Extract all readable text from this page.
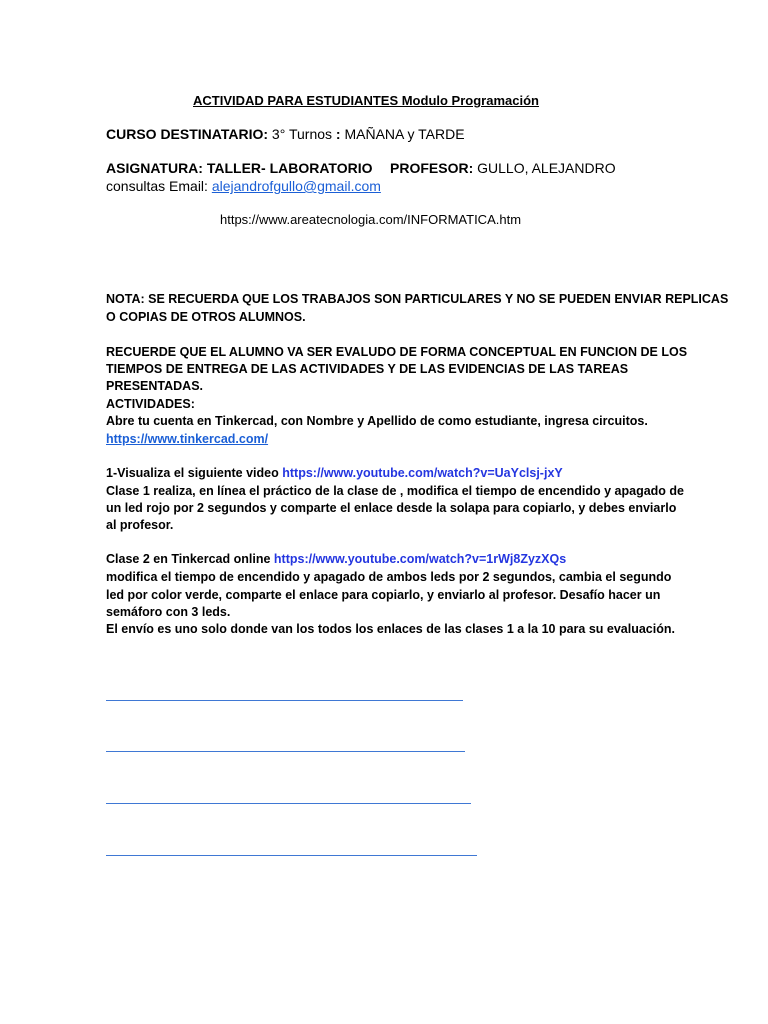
ACTIVIDAD PARA ESTUDIANTES Modulo Programación
CURSO DESTINATARIO: 3° Turnos : MAÑANA y TARDE
ASIGNATURA: TALLER- LABORATORIO PROFESOR: GULLO, ALEJANDRO
consultas Email: alejandrofgullo@gmail.com
https://www.areatecnologia.com/INFORMATICA.htm
NOTA: SE RECUERDA QUE LOS TRABAJOS SON PARTICULARES Y NO SE PUEDEN ENVIAR REPLICAS
O COPIAS DE OTROS ALUMNOS.
RECUERDE QUE EL ALUMNO VA SER EVALUDO DE FORMA CONCEPTUAL EN FUNCION DE LOS
TIEMPOS DE ENTREGA DE LAS ACTIVIDADES Y DE LAS EVIDENCIAS DE LAS TAREAS
PRESENTADAS.
ACTIVIDADES:
Abre tu cuenta en Tinkercad, con Nombre y Apellido de como estudiante, ingresa circuitos.
https://www.tinkercad.com/
1-Visualiza el siguiente video https://www.youtube.com/watch?v=UaYclsj-jxY
Clase 1 realiza, en línea el práctico de la clase de , modifica el tiempo de encendido y apagado de
un led rojo por 2 segundos y comparte el enlace desde la solapa para copiarlo, y debes enviarlo
al profesor.
Clase 2 en Tinkercad online https://www.youtube.com/watch?v=1rWj8ZyzXQs
modifica el tiempo de encendido y apagado de ambos leds por 2 segundos, cambia el segundo
led por color verde, comparte el enlace para copiarlo, y enviarlo al profesor. Desafío hacer un
semáforo con 3 leds.
El envío es uno solo donde van los todos los enlaces de las clases 1 a la 10 para su evaluación.
